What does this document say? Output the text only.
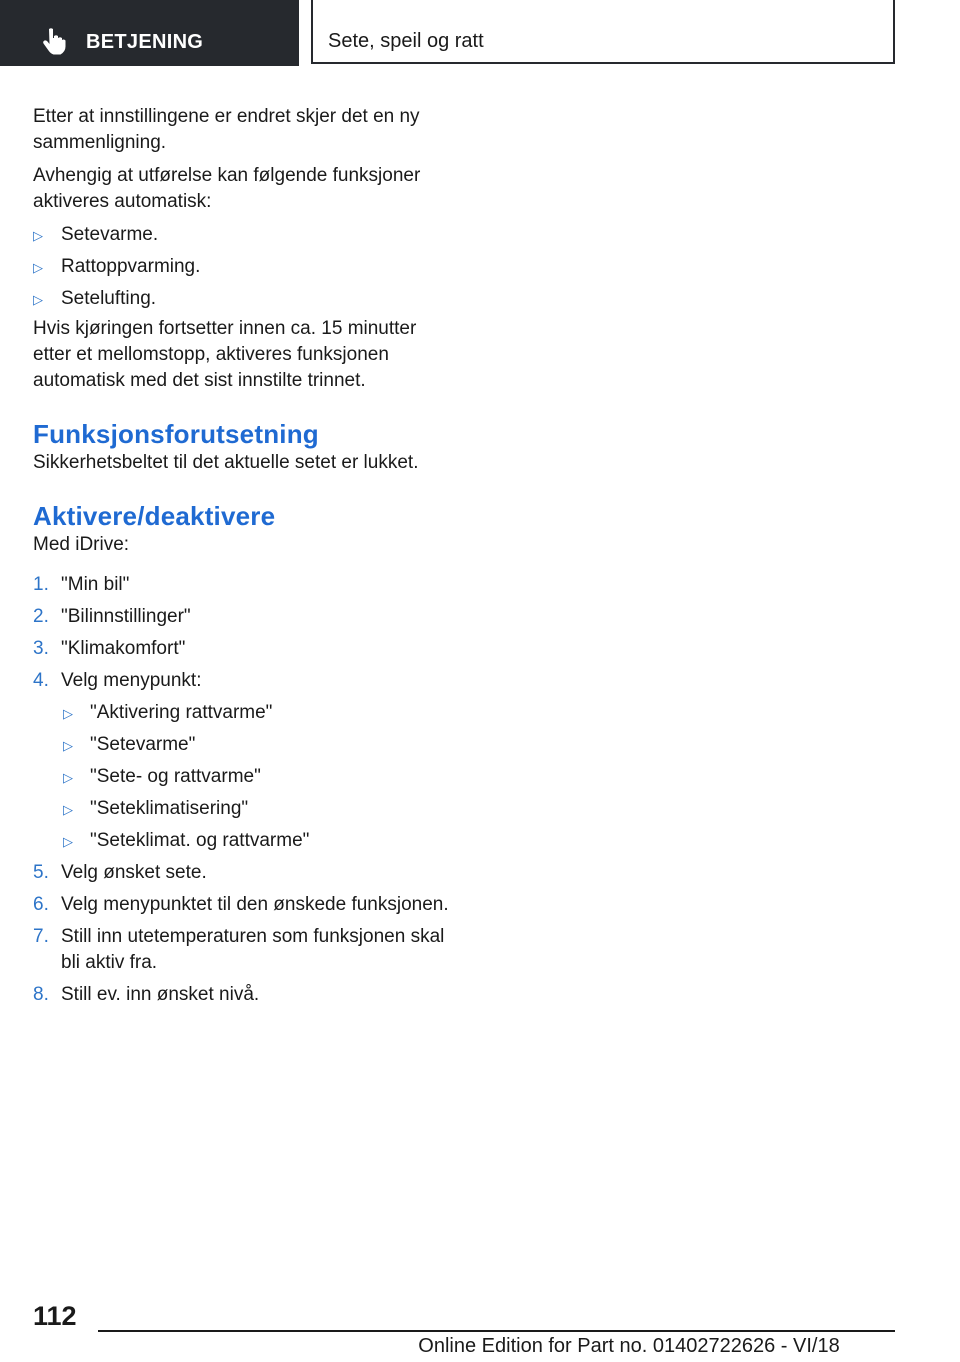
BETJENING	Sete, speil og ratt

Etter at innstillingene er endret skjer det en ny sammenligning.

Avhengig at utførelse kan følgende funksjoner aktiveres automatisk:

▷ Setevarme.
▷ Rattoppvarming.
▷ Setelufting.

Hvis kjøringen fortsetter innen ca. 15 minutter etter et mellomstopp, aktiveres funksjonen automatisk med det sist innstilte trinnet.

Funksjonsforutsetning

Sikkerhetsbeltet til det aktuelle setet er lukket.

Aktivere/deaktivere

Med iDrive:

1. "Min bil"
2. "Bilinnstillinger"
3. "Klimakomfort"
4. Velg menypunkt:
▷ "Aktivering rattvarme"
▷ "Setevarme"
▷ "Sete- og rattvarme"
▷ "Seteklimatisering"
▷ "Seteklimat. og rattvarme"
5. Velg ønsket sete.
6. Velg menypunktet til den ønskede funksjonen.
7. Still inn utetemperaturen som funksjonen skal bli aktiv fra.
8. Still ev. inn ønsket nivå.
112
Online Edition for Part no. 01402722626 - VI/18
